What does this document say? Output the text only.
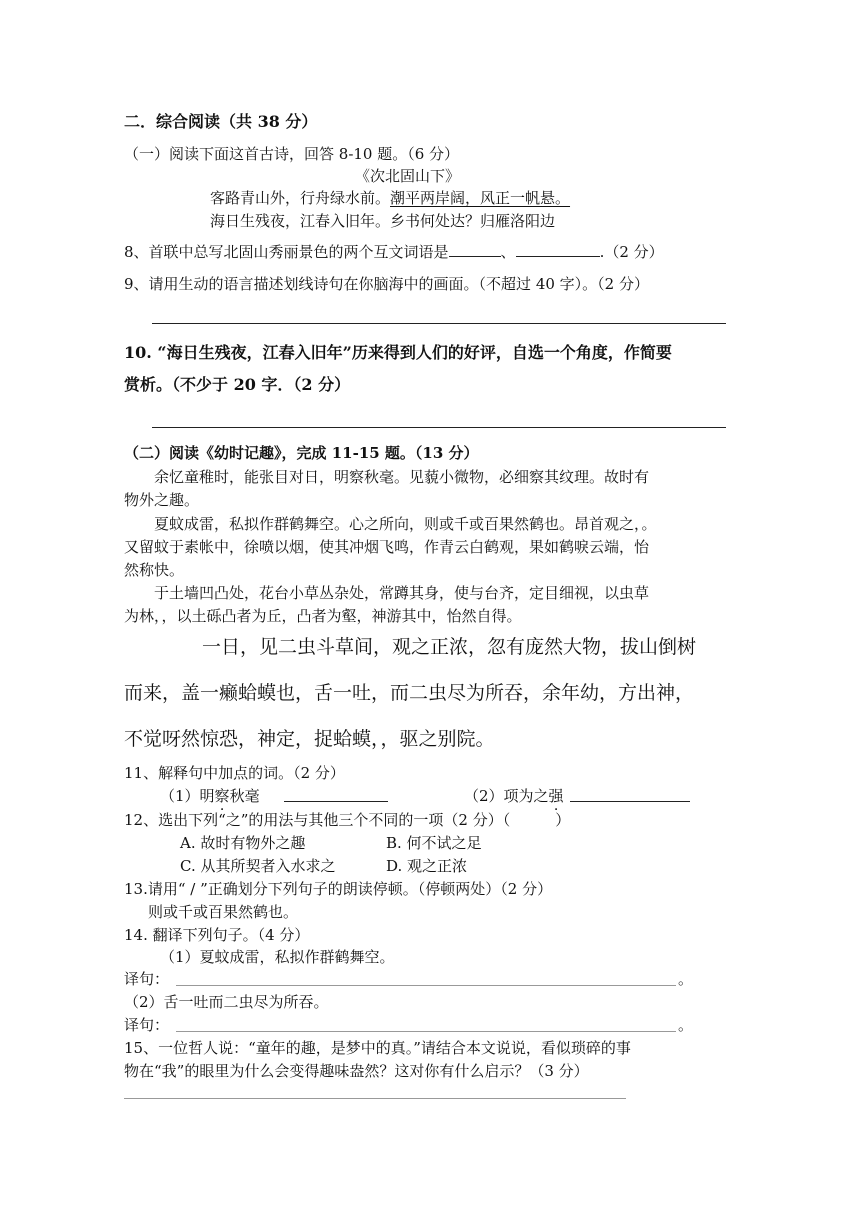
二．综合阅读（共 38 分）
（一）阅读下面这首古诗，回答 8-10 题。（6 分）
《次北固山下》
客路青山外，行舟绿水前。潮平两岸阔，风正一帆悬。
海日生残夜，江春入旧年。乡书何处达？归雁洛阳边
8、首联中总写北固山秀丽景色的两个互文词语是	、	.（2 分）
9、请用生动的语言描述划线诗句在你脑海中的画面。（不超过 40 字）。（2 分）
10. “海日生残夜，江春入旧年”历来得到人们的好评，自选一个角度，作简要
赏析。（不少于 20 字．（2 分）
（二）阅读《幼时记趣》，完成 11-15 题。（13 分）
余忆童稚时，能张目对日，明察秋毫。见藐小微物，必细察其纹理。故时有
物外之趣。
夏蚊成雷，私拟作群鹤舞空。心之所向，则或千或百果然鹤也。昂首观之，。
又留蚊于素帐中，徐喷以烟，使其冲烟飞鸣，作青云白鹤观，果如鹤唳云端，怡
然称快。
于土墙凹凸处，花台小草丛杂处，常蹲其身，使与台齐，定目细视，以虫草
为林，，以土砾凸者为丘，凸者为壑，神游其中，怡然自得。
一日，见二虫斗草间，观之正浓，忽有庞然大物，拔山倒树
而来，盖一癞蛤蟆也，舌一吐，而二虫尽为所吞，余年幼，方出神，
不觉呀然惊恐，神定，捉蛤蟆，，驱之别院。
11、解释句中加点的词。（2 分）
（1）明察秋毫	（2）项为之强
12、选出下列“之”的用法与其他三个不同的一项（2 分）（　　　）
A. 故时有物外之趣	B. 何不试之足
C. 从其所契者入水求之	D. 观之正浓
13.请用“ / ”正确划分下列句子的朗读停顿。（停顿两处）（2 分）
则或千或百果然鹤也。
14. 翻译下列句子。（4 分）
（1）夏蚊成雷，私拟作群鹤舞空。
译句：	。
（2）舌一吐而二虫尽为所吞。
译句：	。
15、一位哲人说：“童年的趣，是梦中的真。”请结合本文说说，看似琐碎的事
物在“我”的眼里为什么会变得趣味盎然？这对你有什么启示？（3 分）
